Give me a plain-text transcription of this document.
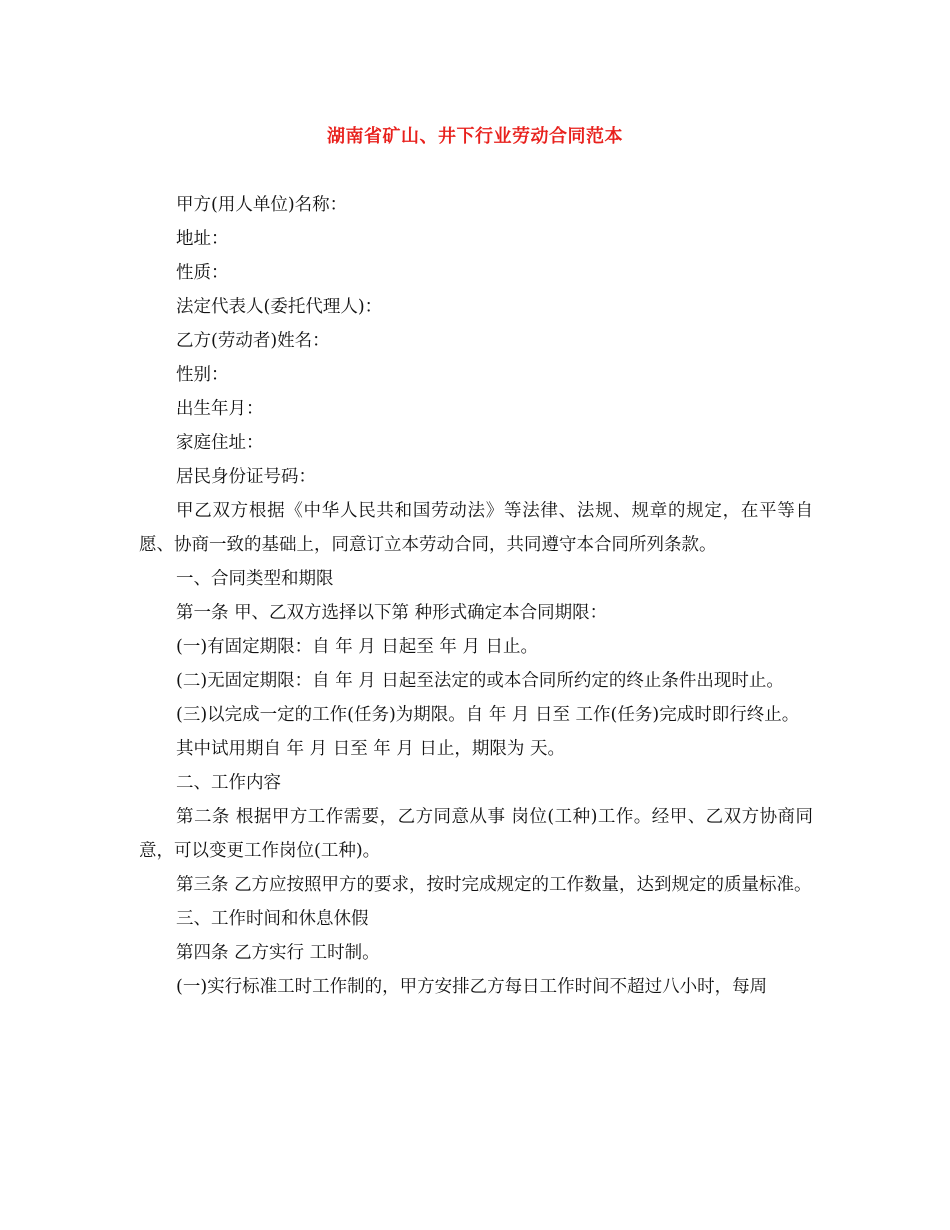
湖南省矿山、井下行业劳动合同范本

甲方(用人单位)名称：

地址：

性质：

法定代表人(委托代理人)：

乙方(劳动者)姓名：

性别：

出生年月：

家庭住址：

居民身份证号码：

甲乙双方根据《中华人民共和国劳动法》等法律、法规、规章的规定，在平等自愿、协商一致的基础上，同意订立本劳动合同，共同遵守本合同所列条款。

一、合同类型和期限

第一条 甲、乙双方选择以下第 种形式确定本合同期限：

(一)有固定期限：自 年 月 日起至 年 月 日止。

(二)无固定期限：自 年 月 日起至法定的或本合同所约定的终止条件出现时止。

(三)以完成一定的工作(任务)为期限。自 年 月 日至 工作(任务)完成时即行终止。

其中试用期自 年 月 日至 年 月 日止，期限为 天。

二、工作内容

第二条 根据甲方工作需要，乙方同意从事 岗位(工种)工作。经甲、乙双方协商同意，可以变更工作岗位(工种)。

第三条 乙方应按照甲方的要求，按时完成规定的工作数量，达到规定的质量标准。

三、工作时间和休息休假

第四条 乙方实行 工时制。

(一)实行标准工时工作制的，甲方安排乙方每日工作时间不超过八小时，每周
